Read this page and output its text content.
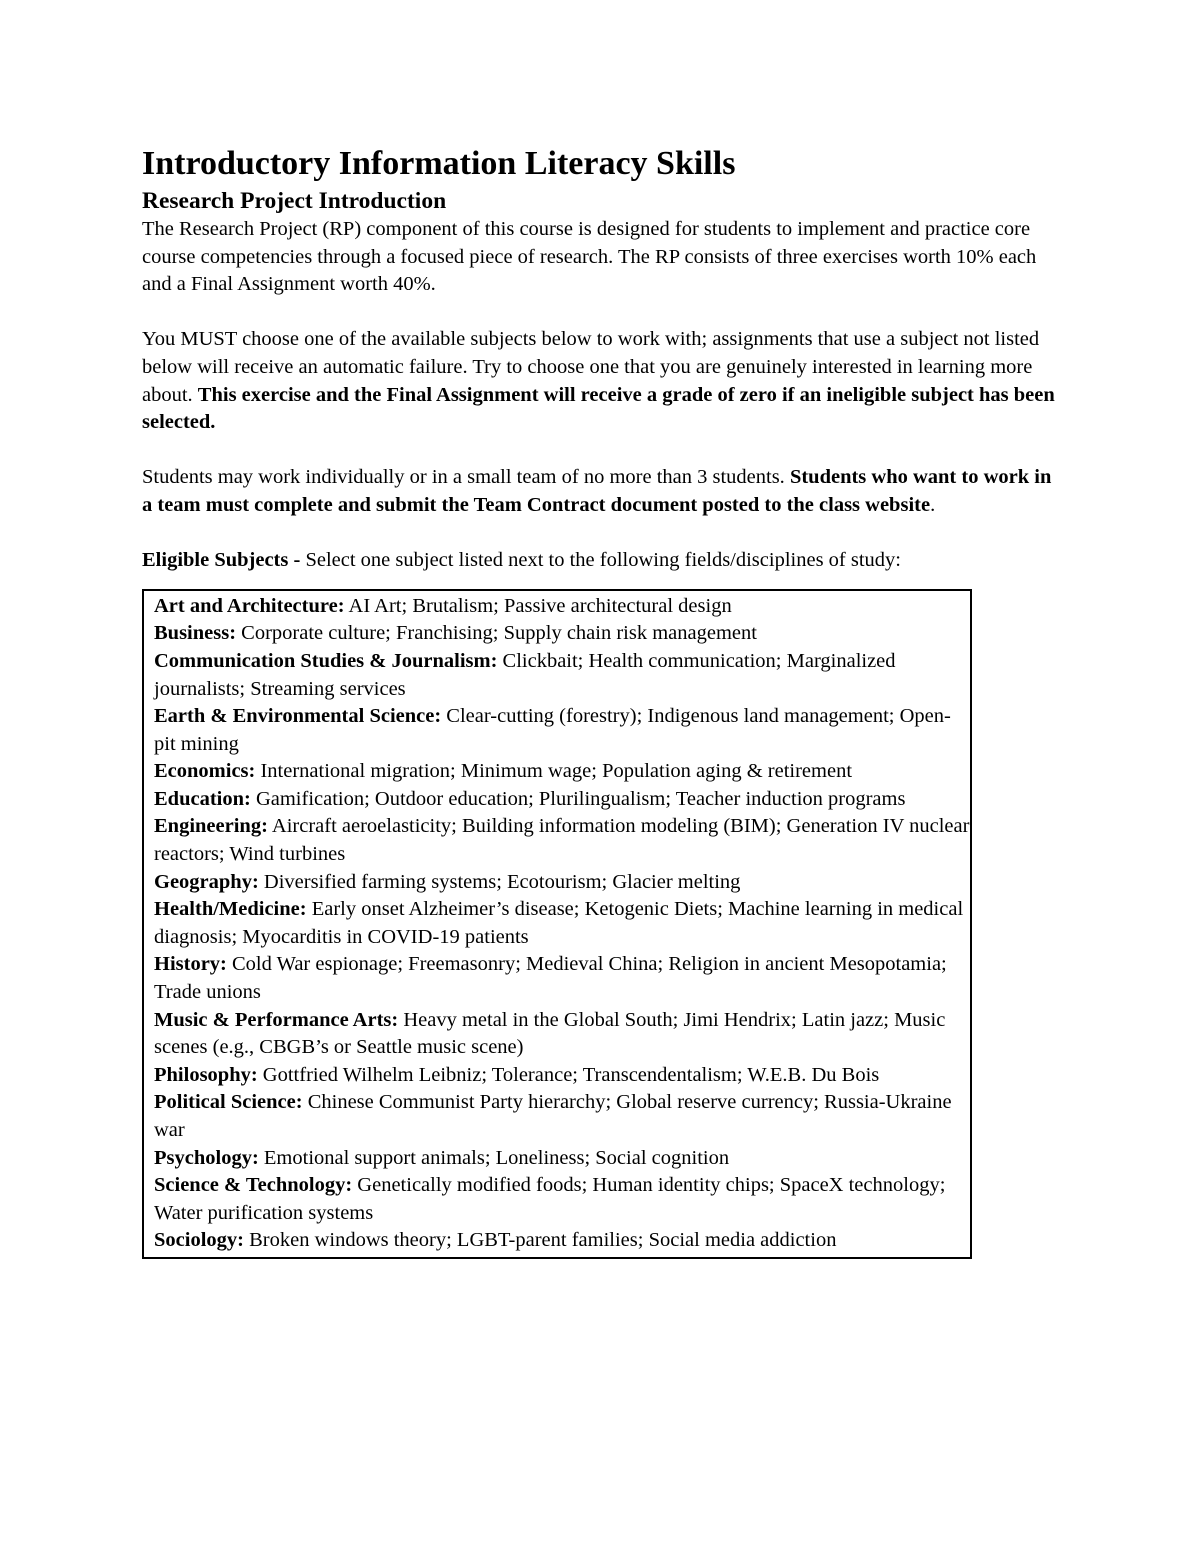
Introductory Information Literacy Skills
Research Project Introduction

The Research Project (RP) component of this course is designed for students to implement and practice core course competencies through a focused piece of research. The RP consists of three exercises worth 10% each and a Final Assignment worth 40%.

You MUST choose one of the available subjects below to work with; assignments that use a subject not listed below will receive an automatic failure. Try to choose one that you are genuinely interested in learning more about. This exercise and the Final Assignment will receive a grade of zero if an ineligible subject has been selected.

Students may work individually or in a small team of no more than 3 students. Students who want to work in a team must complete and submit the Team Contract document posted to the class website.

Eligible Subjects - Select one subject listed next to the following fields/disciplines of study:

Art and Architecture: AI Art; Brutalism; Passive architectural design

Business: Corporate culture; Franchising; Supply chain risk management

Communication Studies & Journalism: Clickbait; Health communication; Marginalized journalists; Streaming services

Earth & Environmental Science: Clear-cutting (forestry); Indigenous land management; Open-pit mining

Economics: International migration; Minimum wage; Population aging & retirement

Education: Gamification; Outdoor education; Plurilingualism; Teacher induction programs

Engineering: Aircraft aeroelasticity; Building information modeling (BIM); Generation IV nuclear reactors; Wind turbines

Geography: Diversified farming systems; Ecotourism; Glacier melting

Health/Medicine: Early onset Alzheimer’s disease; Ketogenic Diets; Machine learning in medical diagnosis; Myocarditis in COVID-19 patients

History: Cold War espionage; Freemasonry; Medieval China; Religion in ancient Mesopotamia; Trade unions

Music & Performance Arts: Heavy metal in the Global South; Jimi Hendrix; Latin jazz; Music scenes (e.g., CBGB’s or Seattle music scene)

Philosophy: Gottfried Wilhelm Leibniz; Tolerance; Transcendentalism; W.E.B. Du Bois

Political Science: Chinese Communist Party hierarchy; Global reserve currency; Russia-Ukraine war

Psychology: Emotional support animals; Loneliness; Social cognition

Science & Technology: Genetically modified foods; Human identity chips; SpaceX technology; Water purification systems

Sociology: Broken windows theory; LGBT-parent families; Social media addiction
